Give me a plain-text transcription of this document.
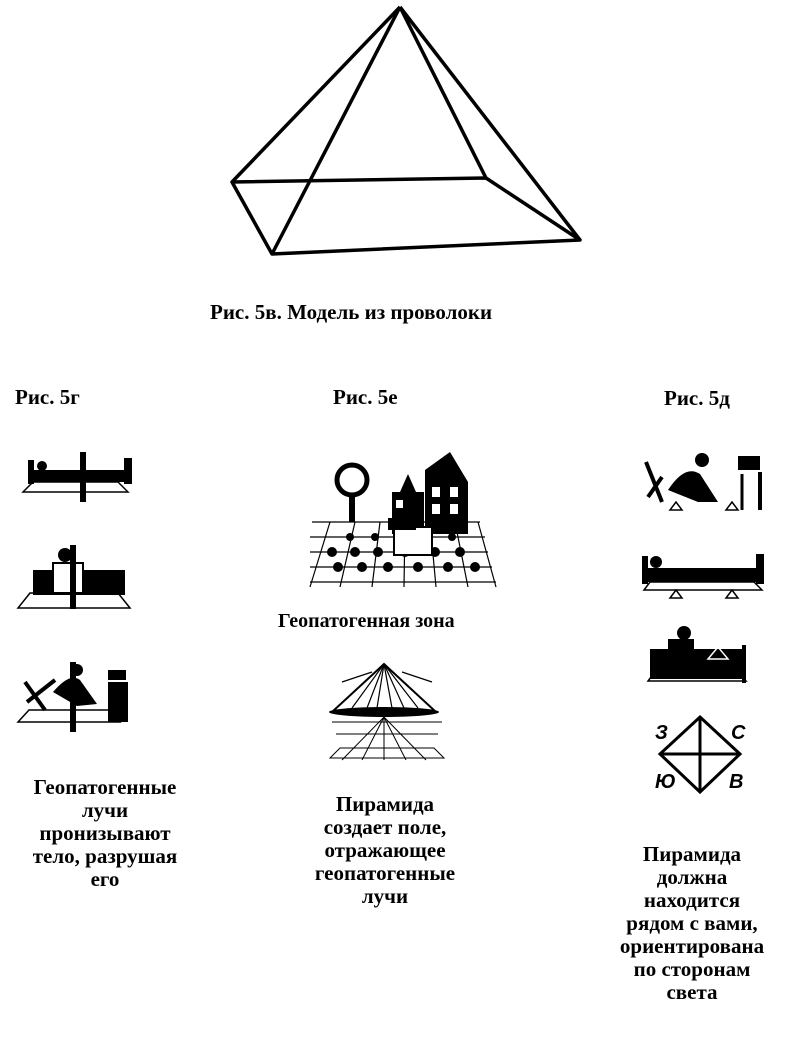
Рис. 5в. Модель из проволоки
Рис. 5г	Рис. 5е	Рис. 5д
Геопатогенная зона
З	С
Ю	В
Геопатогенные
лучи
пронизывают
тело, разрушая
его
Пирамида
создает поле,
отражающее
геопатогенные
лучи
Пирамида
должна
находится
рядом с вами,
ориентирована
по сторонам
света
